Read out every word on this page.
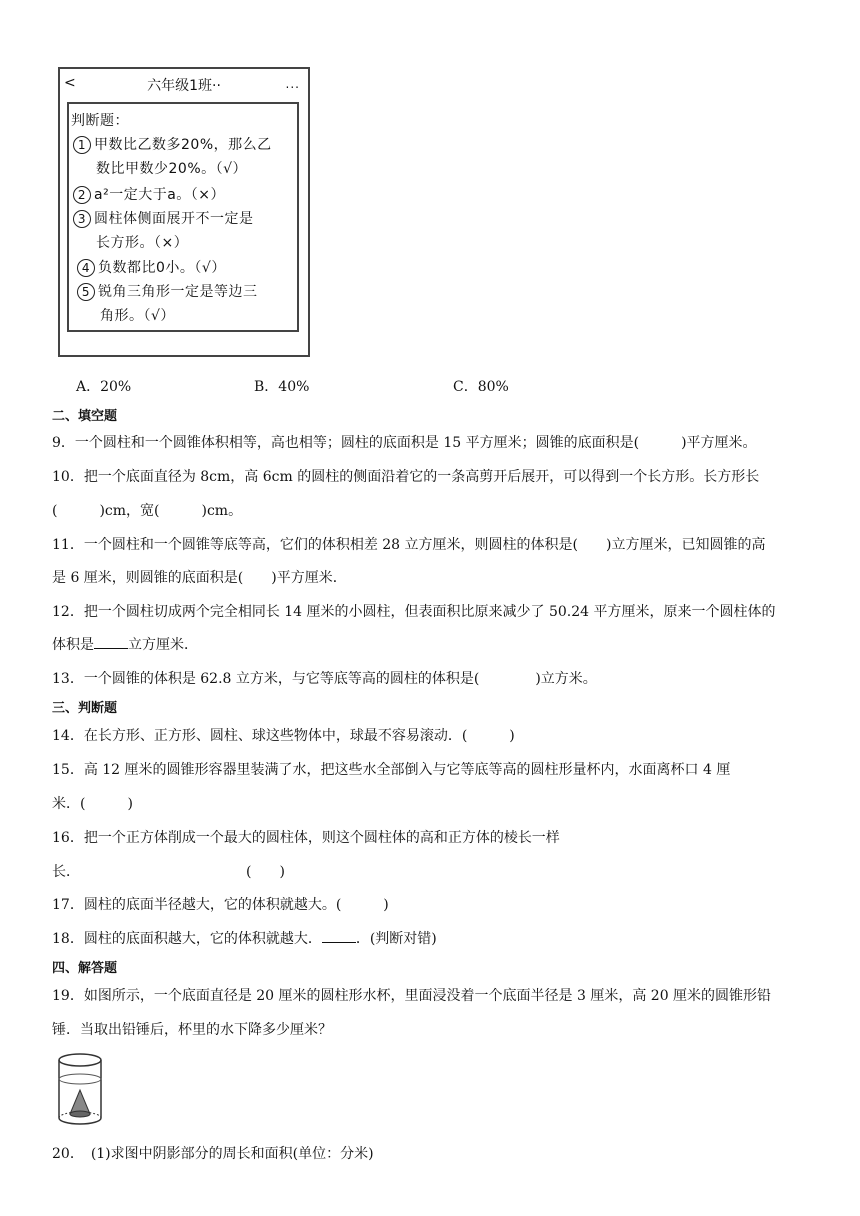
<	六年级1班··	...
判断题：
1 甲数比乙数多20%，那么乙
数比甲数少20%。（√）
2 a²一定大于a。（×）
3 圆柱体侧面展开不一定是
长方形。（×）
4 负数都比0小。（√）
5 锐角三角形一定是等边三
角形。（√）
A．20%	B．40%	C．80%
二、填空题
9．一个圆柱和一个圆锥体积相等，高也相等；圆柱的底面积是 15 平方厘米；圆锥的底面积是(　　　)平方厘米。
10．把一个底面直径为 8cm，高 6cm 的圆柱的侧面沿着它的一条高剪开后展开，可以得到一个长方形。长方形长
(　　　)cm，宽(　　　)cm。
11．一个圆柱和一个圆锥等底等高，它们的体积相差 28 立方厘米，则圆柱的体积是(　　)立方厘米，已知圆锥的高
是 6 厘米，则圆锥的底面积是(　　)平方厘米．
12．把一个圆柱切成两个完全相同长 14 厘米的小圆柱，但表面积比原来减少了 50.24 平方厘米，原来一个圆柱体的
体积是 立方厘米．
13．一个圆锥的体积是 62.8 立方米，与它等底等高的圆柱的体积是(　　　　)立方米。
三、判断题
14．在长方形、正方形、圆柱、球这些物体中，球最不容易滚动．(　　　)
15．高 12 厘米的圆锥形容器里装满了水，把这些水全部倒入与它等底等高的圆柱形量杯内，水面离杯口 4 厘
米．(　　　)
16．把一个正方体削成一个最大的圆柱体，则这个圆柱体的高和正方体的棱长一样
长．	(　　)
17．圆柱的底面半径越大，它的体积就越大。(　　　)
18．圆柱的底面积越大，它的体积就越大． ．(判断对错)
四、解答题
19．如图所示，一个底面直径是 20 厘米的圆柱形水杯，里面浸没着一个底面半径是 3 厘米，高 20 厘米的圆锥形铅
锤．当取出铅锤后，杯里的水下降多少厘米？
20．　(1)求图中阴影部分的周长和面积(单位：分米)
